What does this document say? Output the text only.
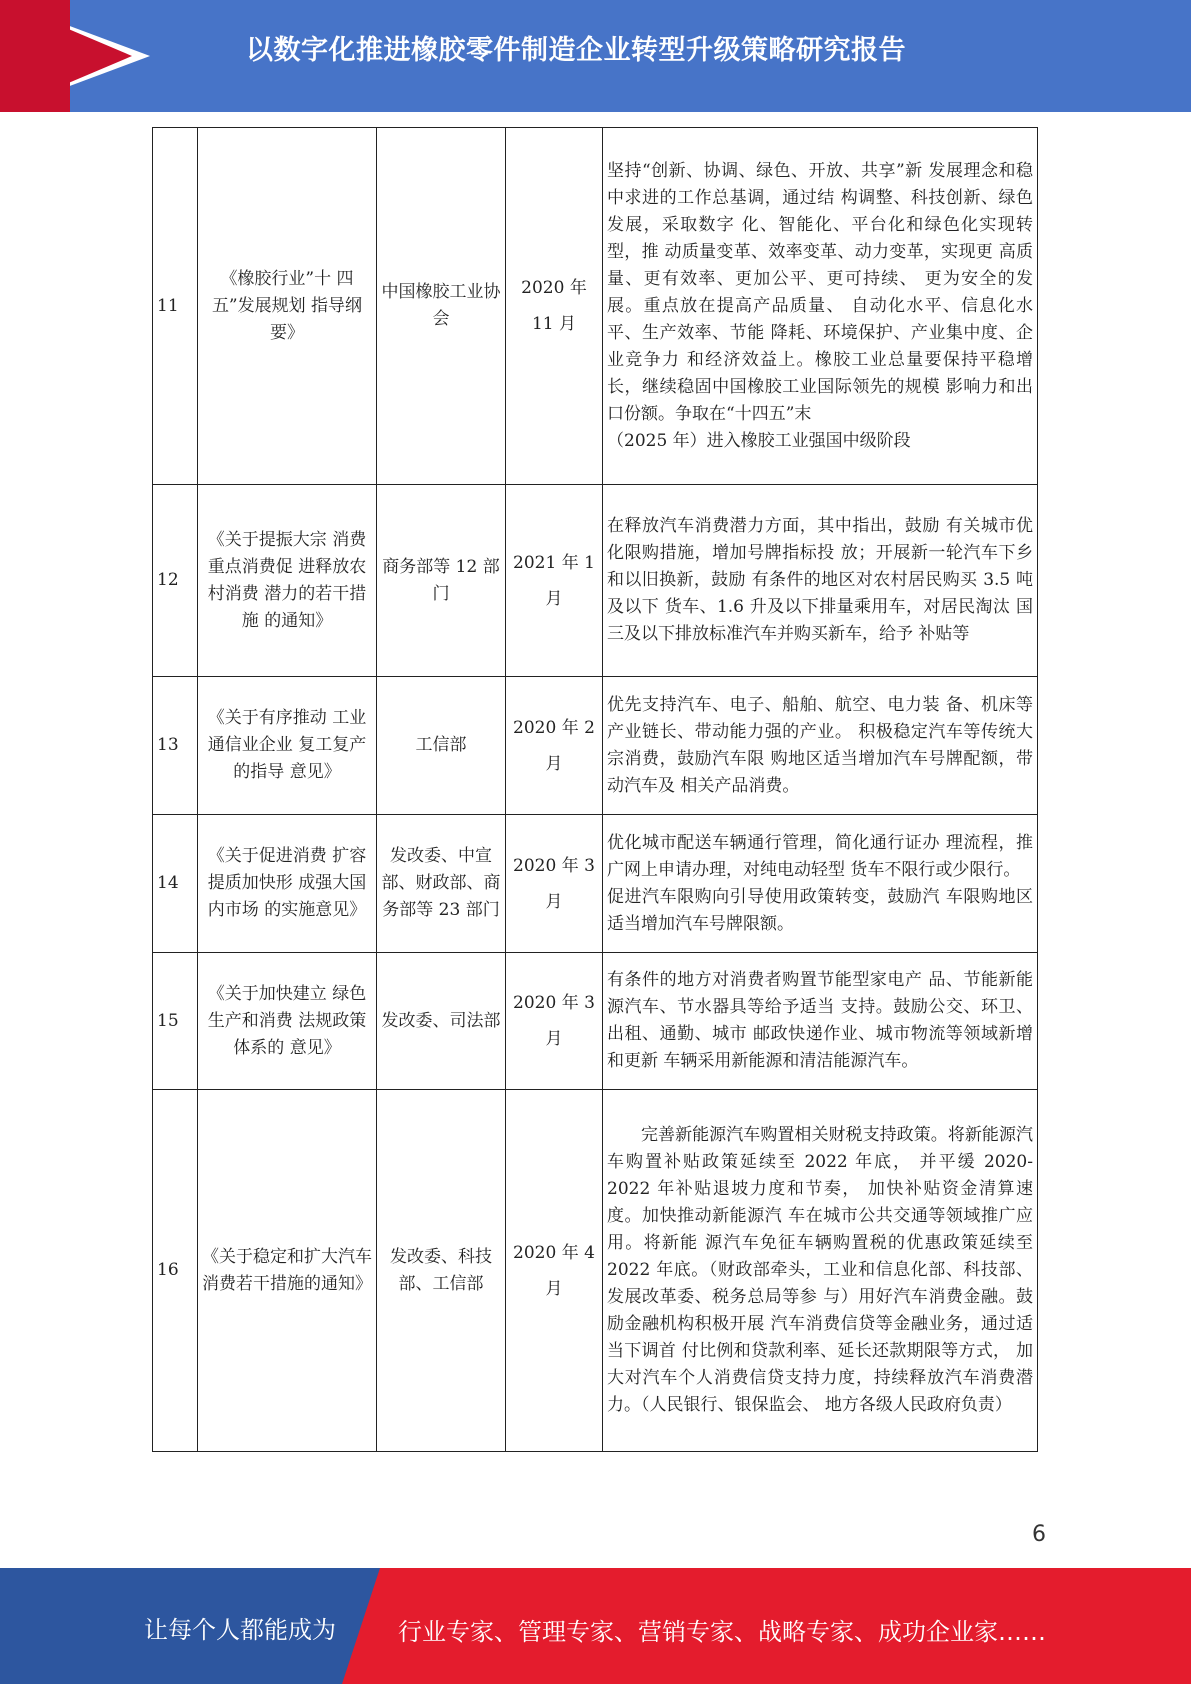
以数字化推进橡胶零件制造企业转型升级策略研究报告
11	《橡胶行业”十 四五”发展规划 指导纲要》	中国橡胶工业协会	2020 年 11 月	坚持“创新、协调、绿色、开放、共享”新 发展理念和稳中求进的工作总基调，通过结 构调整、科技创新、绿色发展，采取数字 化、智能化、平台化和绿色化实现转型，推 动质量变革、效率变革、动力变革，实现更 高质量、更有效率、更加公平、更可持续、 更为安全的发展。重点放在提高产品质量、 自动化水平、信息化水平、生产效率、节能 降耗、环境保护、产业集中度、企业竞争力 和经济效益上。橡胶工业总量要保持平稳增长，继续稳固中国橡胶工业国际领先的规模 影响力和出口份额。争取在“十四五”末

（2025 年）进入橡胶工业强国中级阶段

12	《关于提振大宗 消费重点消费促 进释放农村消费 潜力的若干措施 的通知》	商务部等 12 部门	2021 年 1 月	在释放汽车消费潜力方面，其中指出，鼓励 有关城市优化限购措施，增加号牌指标投 放；开展新一轮汽车下乡和以旧换新，鼓励 有条件的地区对农村居民购买 3.5 吨及以下 货车、1.6 升及以下排量乘用车，对居民淘汰 国三及以下排放标准汽车并购买新车，给予 补贴等

13	《关于有序推动 工业通信业企业 复工复产的指导 意见》	工信部	2020 年 2 月	优先支持汽车、电子、船舶、航空、电力装 备、机床等产业链长、带动能力强的产业。 积极稳定汽车等传统大宗消费，鼓励汽车限 购地区适当增加汽车号牌配额，带动汽车及 相关产品消费。

14	《关于促进消费 扩容提质加快形 成强大国内市场 的实施意见》	发改委、中宣部、财政部、商务部等 23 部门	2020 年 3 月	优化城市配送车辆通行管理，简化通行证办 理流程，推广网上申请办理，对纯电动轻型 货车不限行或少限行。

促进汽车限购向引导使用政策转变，鼓励汽 车限购地区适当增加汽车号牌限额。

15	《关于加快建立 绿色生产和消费 法规政策体系的 意见》	发改委、司法部	2020 年 3 月	有条件的地方对消费者购置节能型家电产 品、节能新能源汽车、节水器具等给予适当 支持。鼓励公交、环卫、出租、通勤、城市 邮政快递作业、城市物流等领域新增和更新 车辆采用新能源和清洁能源汽车。

16	《关于稳定和扩大汽车消费若干措施的通知》	发改委、科技部、工信部	2020 年 4 月	完善新能源汽车购置相关财税支持政策。将新能源汽车购置补贴政策延续至 2022 年底， 并平缓 2020-2022 年补贴退坡力度和节奏， 加快补贴资金清算速度。加快推动新能源汽 车在城市公共交通等领域推广应用。将新能 源汽车免征车辆购置税的优惠政策延续至 2022 年底。（财政部牵头，工业和信息化部、科技部、发展改革委、税务总局等参 与）用好汽车消费金融。鼓励金融机构积极开展 汽车消费信贷等金融业务，通过适当下调首 付比例和贷款利率、延长还款期限等方式， 加大对汽车个人消费信贷支持力度，持续释放汽车消费潜力。（人民银行、银保监会、 地方各级人民政府负责）

6
让每个人都能成为	行业专家、管理专家、营销专家、战略专家、成功企业家……
